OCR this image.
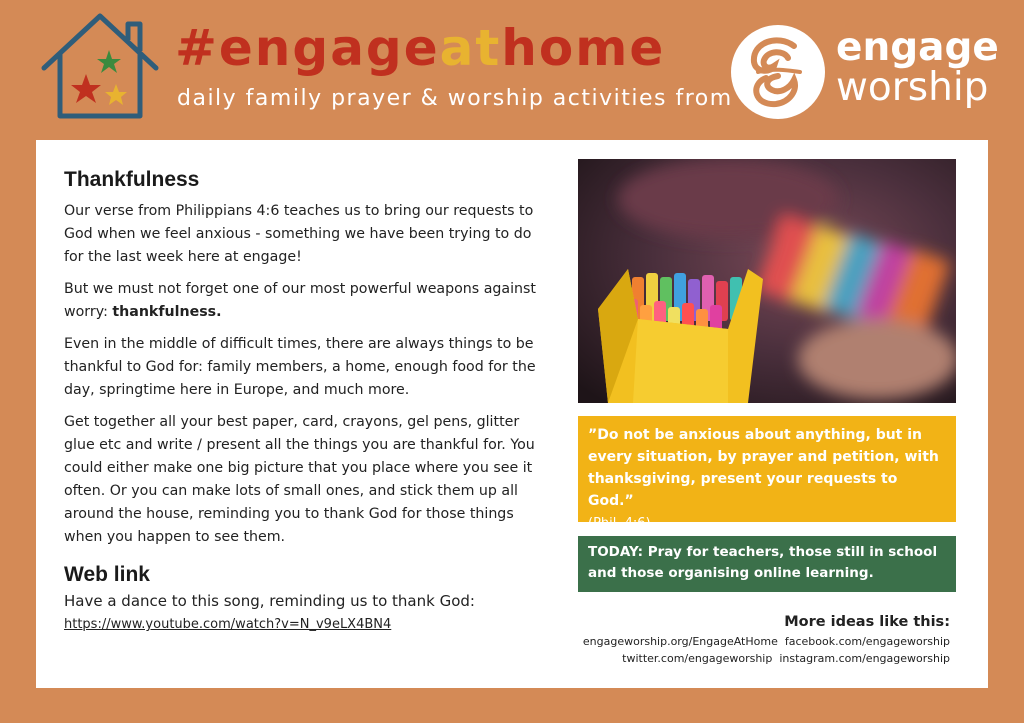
#engageathome
daily family prayer & worship activities from
engage
worship
Thankfulness

Our verse from Philippians 4:6 teaches us to bring our requests to God when we feel anxious - something we have been trying to do for the last week here at engage!

But we must not forget one of our most powerful weapons against worry: thankfulness.

Even in the middle of difficult times, there are always things to be thankful to God for: family members, a home, enough food for the day, springtime here in Europe, and much more.

Get together all your best paper, card, crayons, gel pens, glitter glue etc and write / present all the things you are thankful for. You could either make one big picture that you place where you see it often. Or you can make lots of small ones, and stick them up all around the house, reminding you to thank God for those things when you happen to see them.

Web link

Have a dance to this song, reminding us to thank God:

https://www.youtube.com/watch?v=N_v9eLX4BN4
”Do not be anxious about anything, but in every situation, by prayer and petition, with thanksgiving, present your requests to God.”
(Phil. 4:6)
TODAY: Pray for teachers, those still in school and those organising online learning.
More ideas like this:
engageworship.org/EngageAtHome facebook.com/engageworship
twitter.com/engageworship instagram.com/engageworship
